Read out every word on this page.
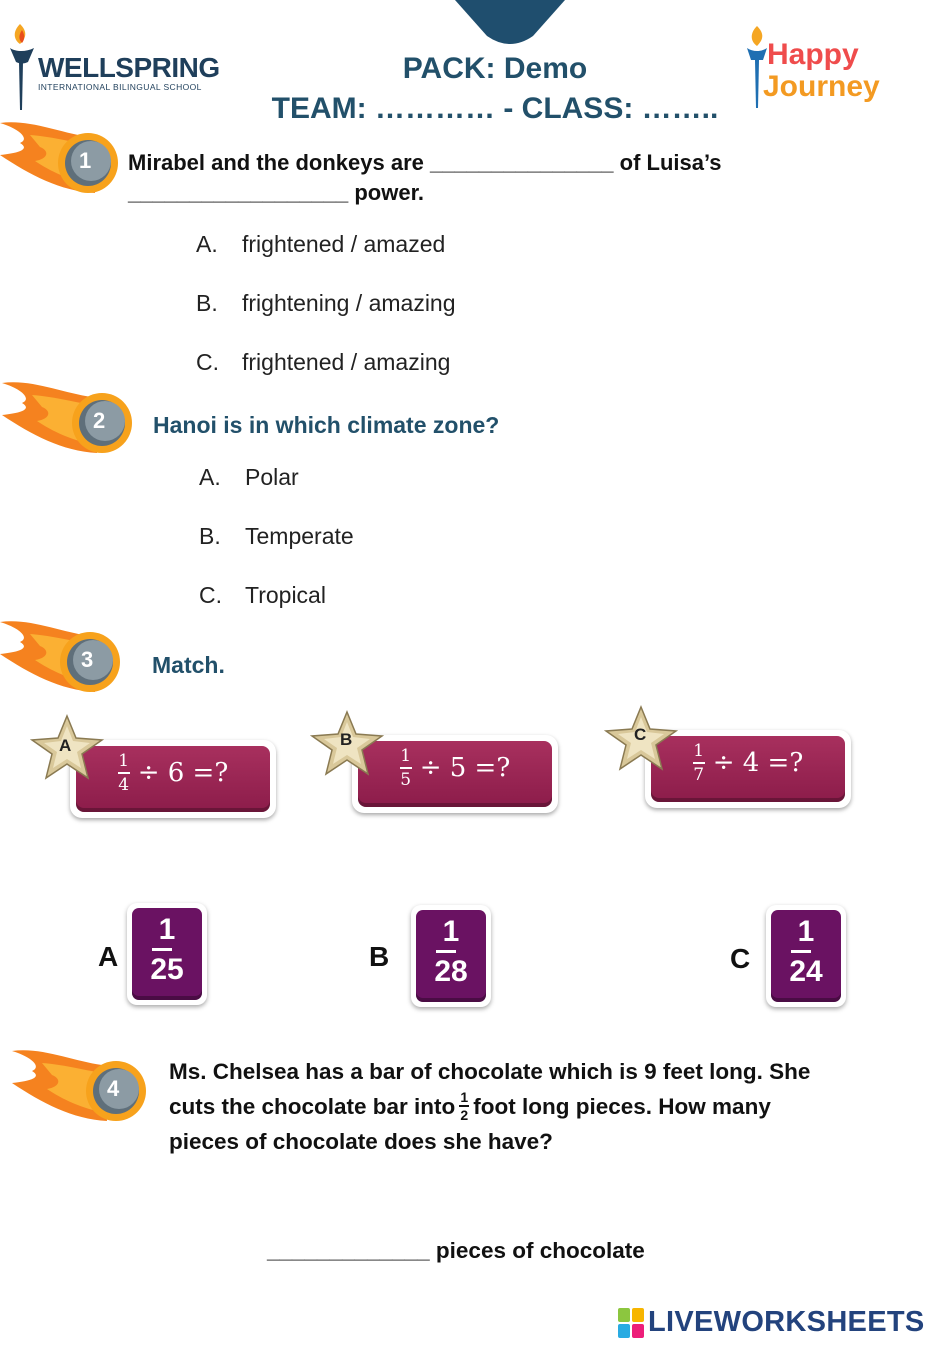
WELLSPRING
INTERNATIONAL BILINGUAL SCHOOL
Happy
Journey
PACK: Demo
TEAM: ………… - CLASS: ……..
1 Mirabel and the donkeys are _______________ of Luisa’s
__________________ power.
A.	frightened / amazed
B.	frightening / amazing
C.	frightened / amazing
2 Hanoi is in which climate zone?
A.	Polar
B.	Temperate
C.	Tropical
3	Match.
$\frac{1}{4} \div 6$ =?	$\frac{1}{5} \div 5$ =?	$\frac{1}{7} \div 4$ =?
A	B	C
A
1
25	B
1
28	C
1
24
4
Ms. Chelsea has a bar of chocolate which is 9 feet long. She
cuts the chocolate bar into $\frac{1}{2}$ foot long pieces. How many
pieces of chocolate does she have?
_____________ pieces of chocolate
LIVEWORKSHEETS
